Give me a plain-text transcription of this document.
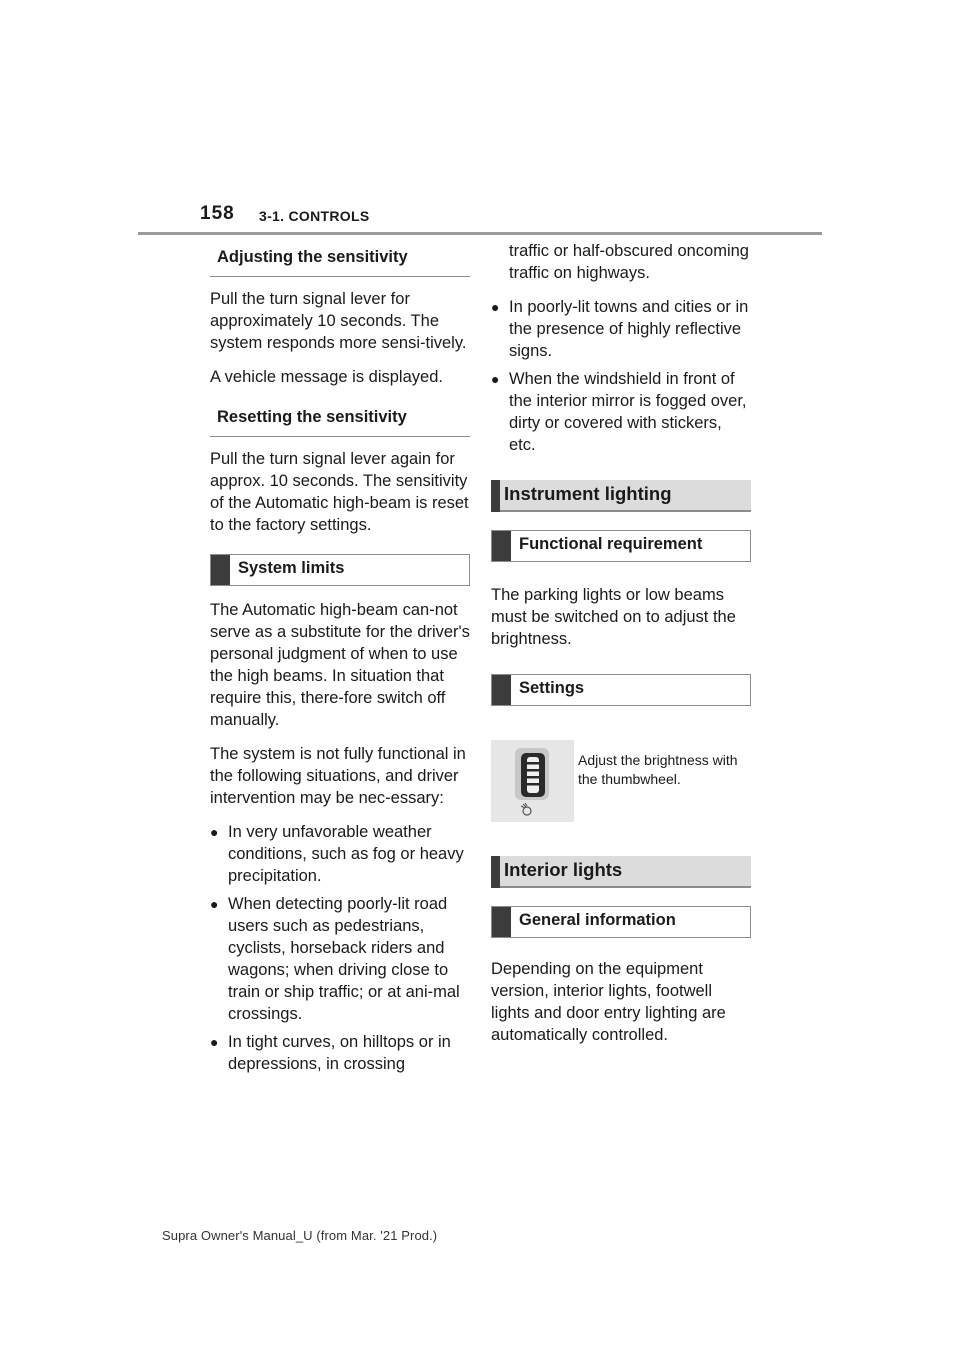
158 3-1. CONTROLS
Adjusting the sensitivity

Pull the turn signal lever for approximately 10 seconds. The system responds more sensi-tively.

A vehicle message is displayed.

Resetting the sensitivity

Pull the turn signal lever again for approx. 10 seconds. The sensitivity of the Automatic high-beam is reset to the factory settings.

System limits

The Automatic high-beam can-not serve as a substitute for the driver's personal judgment of when to use the high beams. In situation that require this, there-fore switch off manually.

The system is not fully functional in the following situations, and driver intervention may be nec-essary:

● In very unfavorable weather conditions, such as fog or heavy precipitation.
● When detecting poorly-lit road users such as pedestrians, cyclists, horseback riders and wagons; when driving close to train or ship traffic; or at ani-mal crossings.
● In tight curves, on hilltops or in depressions, in crossing

traffic or half-obscured oncoming traffic on highways.

● In poorly-lit towns and cities or in the presence of highly reflective signs.
● When the windshield in front of the interior mirror is fogged over, dirty or covered with stickers, etc.
Instrument lighting
Functional requirement

The parking lights or low beams must be switched on to adjust the brightness.

Settings
Adjust the brightness with the thumbwheel.
Interior lights
General information

Depending on the equipment version, interior lights, footwell lights and door entry lighting are automatically controlled.

Supra Owner's Manual_U (from Mar. '21 Prod.)
